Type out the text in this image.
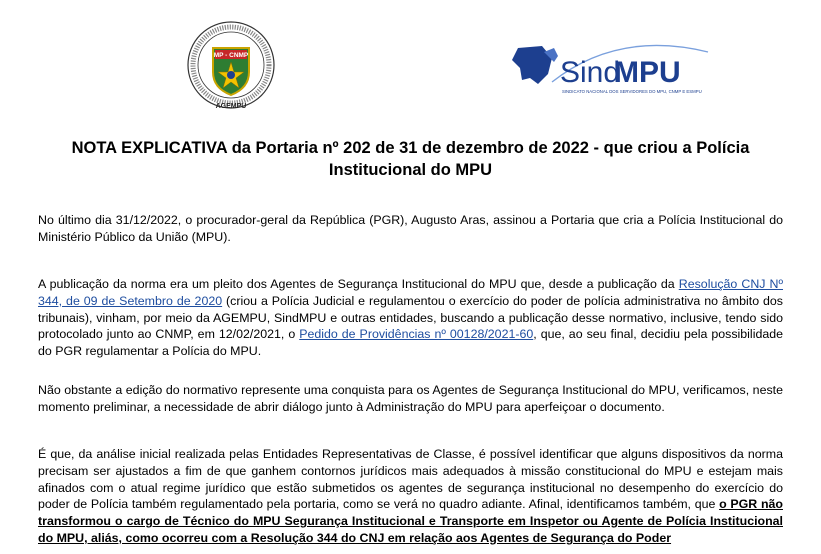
MP - CNMP
AGEMPU
Sind
MPU
SINDICATO NACIONAL DOS SERVIDORES DO MPU, CNMP E ESMPU
NOTA EXPLICATIVA da Portaria nº 202 de 31 de dezembro de 2022 - que criou a Polícia Institucional do MPU
No último dia 31/12/2022, o procurador-geral da República (PGR), Augusto Aras, assinou a Portaria que cria a Polícia Institucional do Ministério Público da União (MPU).
A publicação da norma era um pleito dos Agentes de Segurança Institucional do MPU que, desde a publicação da Resolução CNJ Nº 344, de 09 de Setembro de 2020 (criou a Polícia Judicial e regulamentou o exercício do poder de polícia administrativa no âmbito dos tribunais), vinham, por meio da AGEMPU, SindMPU e outras entidades, buscando a publicação desse normativo, inclusive, tendo sido protocolado junto ao CNMP, em 12/02/2021, o Pedido de Providências nº 00128/2021-60, que, ao seu final, decidiu pela possibilidade do PGR regulamentar a Polícia do MPU.
Não obstante a edição do normativo represente uma conquista para os Agentes de Segurança Institucional do MPU, verificamos, neste momento preliminar, a necessidade de abrir diálogo junto à Administração do MPU para aperfeiçoar o documento.
É que, da análise inicial realizada pelas Entidades Representativas de Classe, é possível identificar que alguns dispositivos da norma precisam ser ajustados a fim de que ganhem contornos jurídicos mais adequados à missão constitucional do MPU e estejam mais afinados com o atual regime jurídico que estão submetidos os agentes de segurança institucional no desempenho do exercício do poder de Polícia também regulamentado pela portaria, como se verá no quadro adiante. Afinal, identificamos também, que o PGR não transformou o cargo de Técnico do MPU Segurança Institucional e Transporte em Inspetor ou Agente de Polícia Institucional do MPU, aliás, como ocorreu com a Resolução 344 do CNJ em relação aos Agentes de Segurança do Poder
